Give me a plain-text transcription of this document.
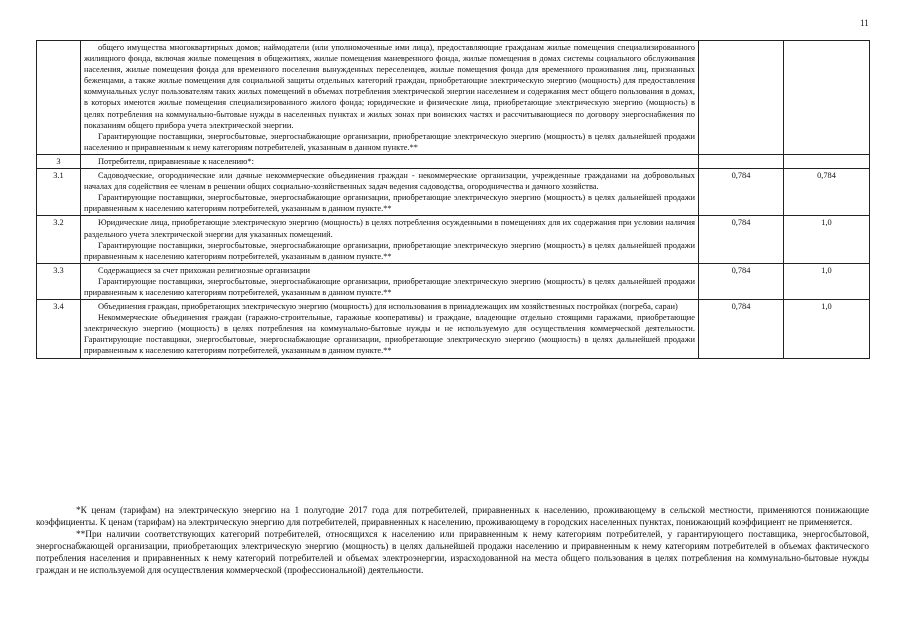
11

	общего имущества многоквартирных домов; наймодатели (или уполномоченные ими лица), предоставляющие гражданам жилые помещения специализированного жилищного фонда, включая жилые помещения в общежитиях, жилые помещения маневренного фонда, жилые помещения в домах системы социального обслуживания населения, жилые помещения фонда для временного поселения вынужденных переселенцев, жилые помещения фонда для временного проживания лиц, признанных беженцами, а также жилые помещения для социальной защиты отдельных категорий граждан, приобретающие электрическую энергию (мощность) для предоставления коммунальных услуг пользователям таких жилых помещений в объемах потребления электрической энергии населением и содержания мест общего пользования в домах, в которых имеются жилые помещения специализированного жилого фонда; юридические и физические лица, приобретающие электрическую энергию (мощность) в целях потребления на коммунально-бытовые нужды в населенных пунктах и жилых зонах при воинских частях и рассчитывающиеся по договору энергоснабжения по показаниям общего прибора учета электрической энергии.

Гарантирующие поставщики, энергосбытовые, энергоснабжающие организации, приобретающие электрическую энергию (мощность) в целях дальнейшей продажи населению и приравненным к нему категориям потребителей, указанным в данном пункте.**		

3	Потребители, приравненные к населению*:		

3.1	Садоводческие, огороднические или дачные некоммерческие объединения граждан - некоммерческие организации, учрежденные гражданами на добровольных началах для содействия ее членам в решении общих социально-хозяйственных задач ведения садоводства, огородничества и дачного хозяйства.

Гарантирующие поставщики, энергосбытовые, энергоснабжающие организации, приобретающие электрическую энергию (мощность) в целях дальнейшей продажи приравненным к населению категориям потребителей, указанным в данном пункте.**	0,784	0,784
3.2	Юридические лица, приобретающие электрическую энергию (мощность) в целях потребления осужденными в помещениях для их содержания при условии наличия раздельного учета электрической энергии для указанных помещений.

Гарантирующие поставщики, энергосбытовые, энергоснабжающие организации, приобретающие электрическую энергию (мощность) в целях дальнейшей продажи приравненным к населению категориям потребителей, указанным в данном пункте.**	0,784	1,0
3.3	Содержащиеся за счет прихожан религиозные организации

Гарантирующие поставщики, энергосбытовые, энергоснабжающие организации, приобретающие электрическую энергию (мощность) в целях дальнейшей продажи приравненным к населению категориям потребителей, указанным в данном пункте.**	0,784	1,0
3.4	Объединения граждан, приобретающих электрическую энергию (мощность) для использования в принадлежащих им хозяйственных постройках (погреба, сараи)

Некоммерческие объединения граждан (гаражно-строительные, гаражные кооперативы) и граждане, владеющие отдельно стоящими гаражами, приобретающие электрическую энергию (мощность) в целях потребления на коммунально-бытовые нужды и не используемую для осуществления коммерческой деятельности. Гарантирующие поставщики, энергосбытовые, энергоснабжающие организации, приобретающие электрическую энергию (мощность) в целях дальнейшей продажи приравненным к населению категориям потребителей, указанным в данном пункте.**	0,784	1,0

*К ценам (тарифам) на электрическую энергию на 1 полугодие 2017 года для потребителей, приравненных к населению, проживающему в сельской местности, применяются понижающие коэффициенты. К ценам (тарифам) на электрическую энергию для потребителей, приравненных к населению, проживающему в городских населенных пунктах, понижающий коэффициент не применяется.

**При наличии соответствующих категорий потребителей, относящихся к населению или приравненным к нему категориям потребителей, у гарантирующего поставщика, энергосбытовой, энергоснабжающей организации, приобретающих электрическую энергию (мощность) в целях дальнейшей продажи населению и приравненным к нему категориям потребителей в объемах фактического потребления населения и приравненных к нему категорий потребителей и объемах электроэнергии, израсходованной на места общего пользования в целях потребления на коммунально-бытовые нужды граждан и не используемой для осуществления коммерческой (профессиональной) деятельности.
